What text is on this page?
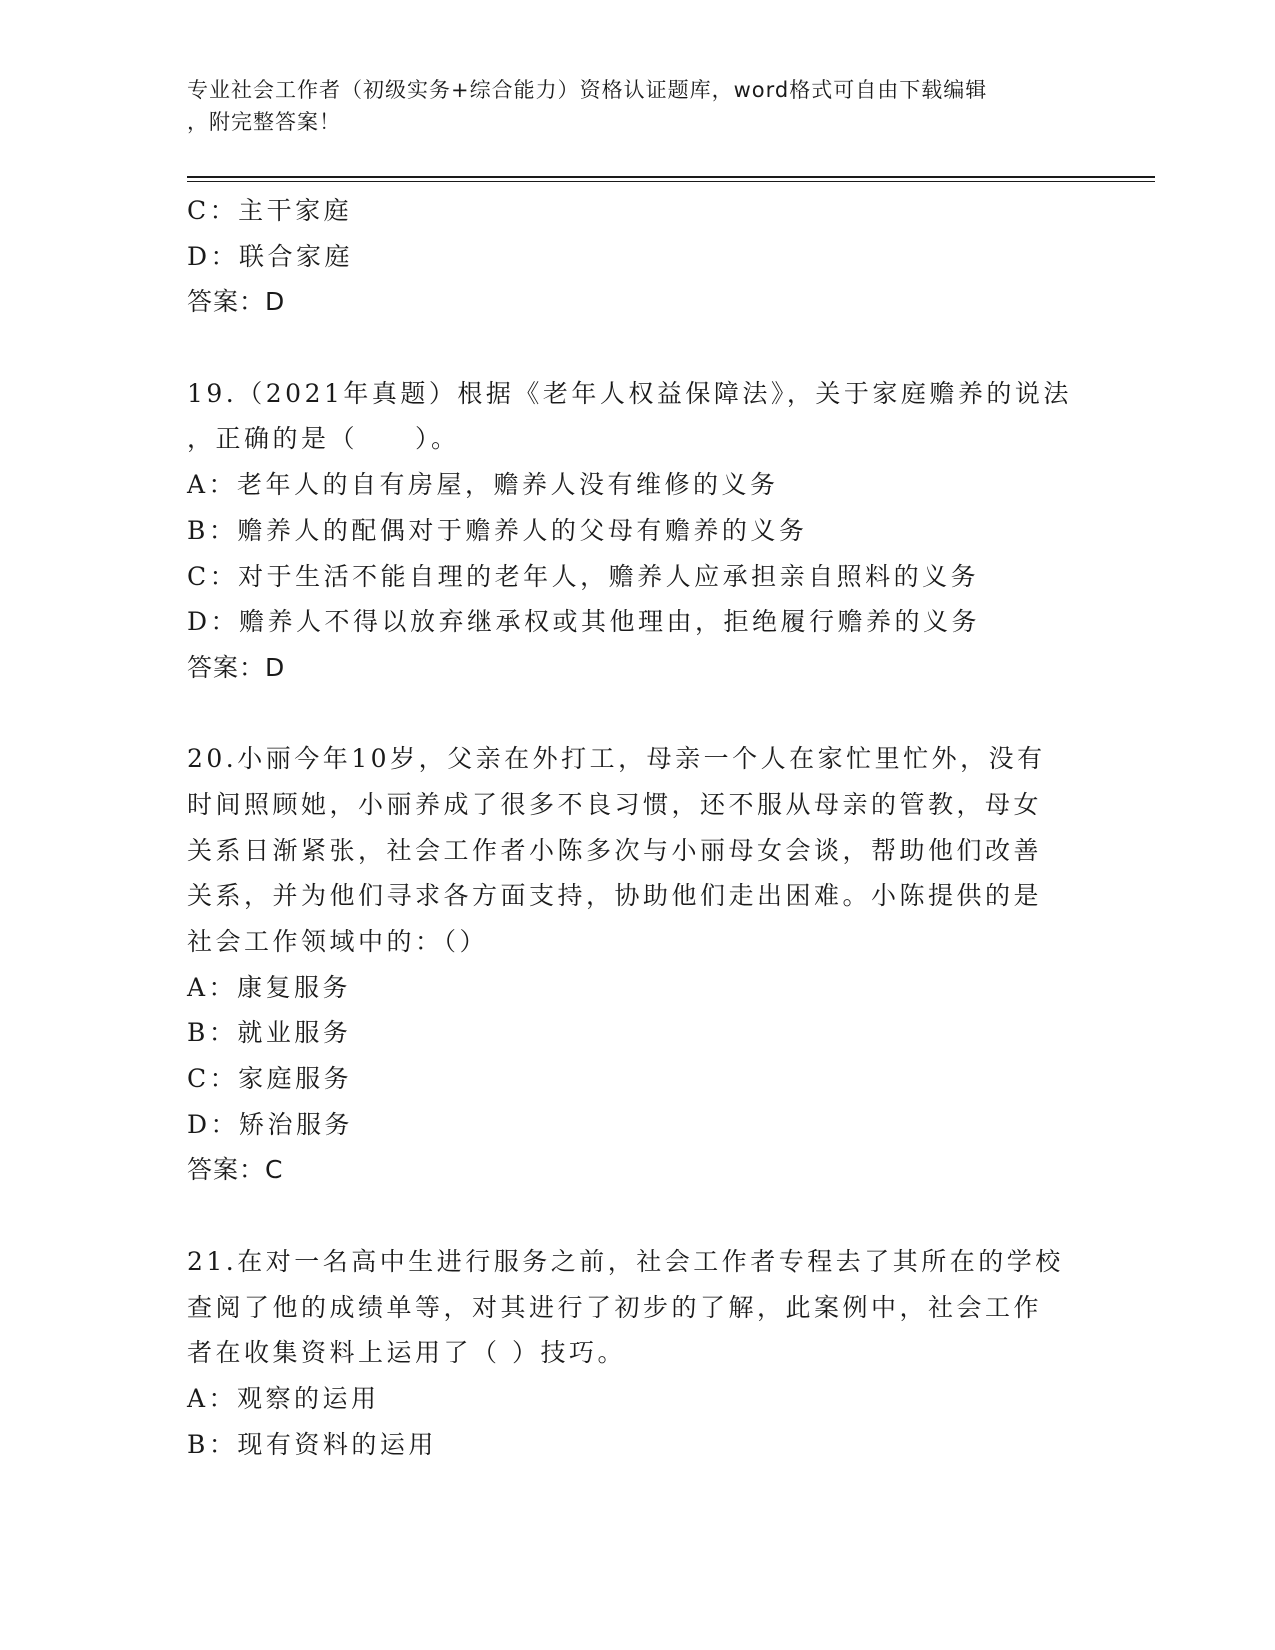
专业社会工作者（初级实务+综合能力）资格认证题库，word格式可自由下载编辑
，附完整答案！
C：主干家庭
D：联合家庭
答案：D
19.（2021年真题）根据《老年人权益保障法》，关于家庭赡养的说法
，正确的是（　　）。
A：老年人的自有房屋，赡养人没有维修的义务
B：赡养人的配偶对于赡养人的父母有赡养的义务
C：对于生活不能自理的老年人，赡养人应承担亲自照料的义务
D：赡养人不得以放弃继承权或其他理由，拒绝履行赡养的义务
答案：D
20.小丽今年10岁，父亲在外打工，母亲一个人在家忙里忙外，没有
时间照顾她，小丽养成了很多不良习惯，还不服从母亲的管教，母女
关系日渐紧张，社会工作者小陈多次与小丽母女会谈，帮助他们改善
关系，并为他们寻求各方面支持，协助他们走出困难。小陈提供的是
社会工作领域中的：（）
A：康复服务
B：就业服务
C：家庭服务
D：矫治服务
答案：C
21.在对一名高中生进行服务之前，社会工作者专程去了其所在的学校
查阅了他的成绩单等，对其进行了初步的了解，此案例中，社会工作
者在收集资料上运用了（ ）技巧。
A：观察的运用
B：现有资料的运用
